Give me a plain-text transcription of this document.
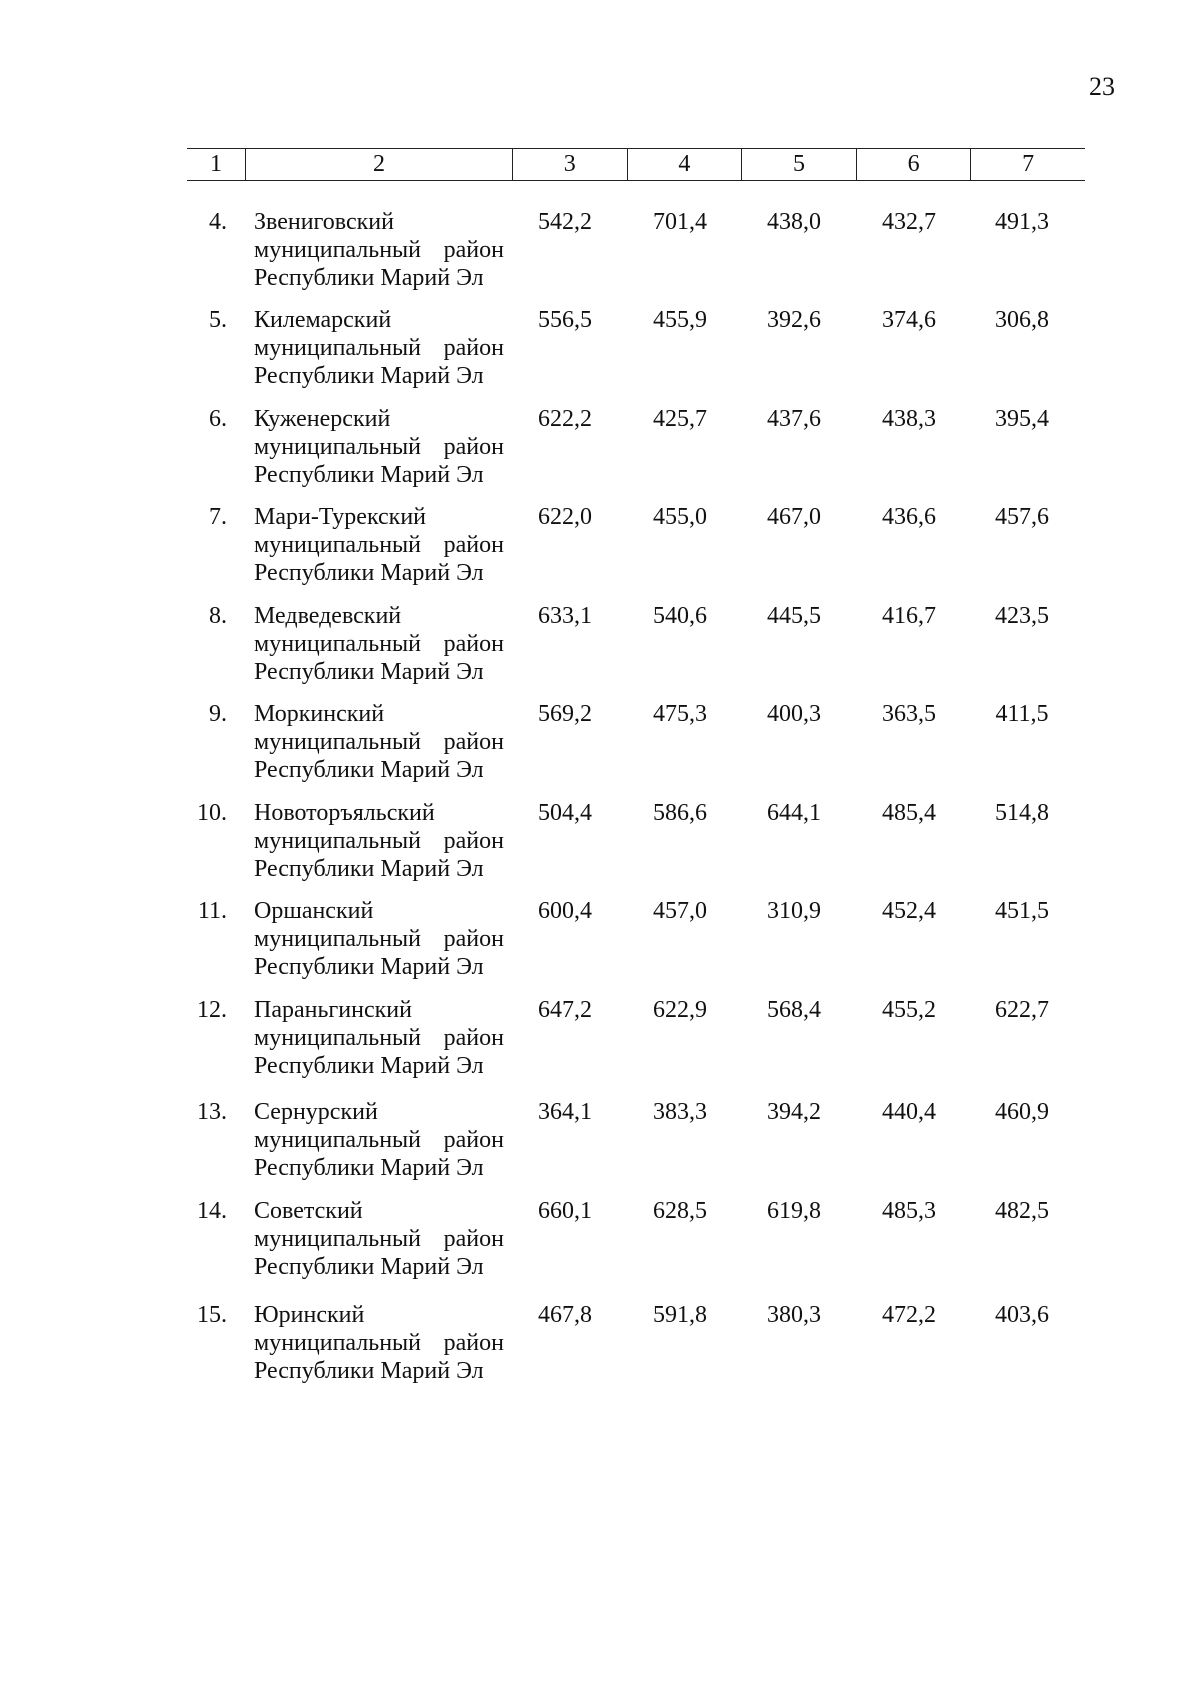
23
1	2	3	4	5	6	7
4. Звениговский
муниципальный район
Республики Марий Эл
542,2	701,4	438,0	432,7	491,3
5. Килемарский
муниципальный район
Республики Марий Эл
556,5	455,9	392,6	374,6	306,8
6. Куженерский
муниципальный район
Республики Марий Эл
622,2	425,7	437,6	438,3	395,4
7. Мари-Турекский
муниципальный район
Республики Марий Эл
622,0	455,0	467,0	436,6	457,6
8. Медведевский
муниципальный район
Республики Марий Эл
633,1	540,6	445,5	416,7	423,5
9. Моркинский
муниципальный район
Республики Марий Эл
569,2	475,3	400,3	363,5	411,5
10. Новоторъяльский
муниципальный район
Республики Марий Эл
504,4	586,6	644,1	485,4	514,8
11. Оршанский
муниципальный район
Республики Марий Эл
600,4	457,0	310,9	452,4	451,5
12. Параньгинский
муниципальный район
Республики Марий Эл
647,2	622,9	568,4	455,2	622,7
13. Сернурский
муниципальный район
Республики Марий Эл
364,1	383,3	394,2	440,4	460,9
14. Советский
муниципальный район
Республики Марий Эл
660,1	628,5	619,8	485,3	482,5
15. Юринский
муниципальный район
Республики Марий Эл
467,8	591,8	380,3	472,2	403,6
